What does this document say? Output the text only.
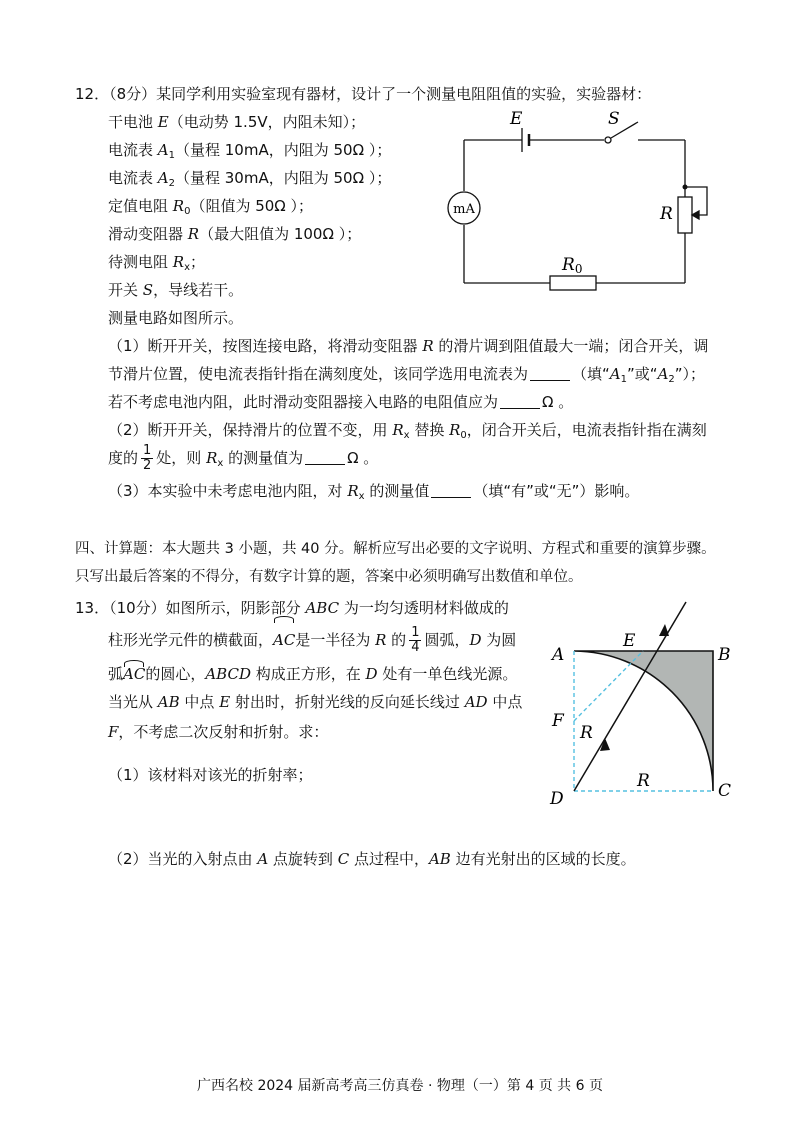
12．（8分）某同学利用实验室现有器材，设计了一个测量电阻阻值的实验，实验器材：
干电池 E（电动势 1.5V，内阻未知）；
电流表 $A_1$（量程 10mA，内阻为 50Ω ）；
电流表 $A_2$（量程 30mA，内阻为 50Ω ）；
定值电阻 $R_0$（阻值为 50Ω ）；
滑动变阻器 R（最大阻值为 100Ω ）；
待测电阻 $R_x$；
开关 S，导线若干。
测量电路如图所示。
E	S
mA	R
R0
（1）断开开关，按图连接电路，将滑动变阻器 R 的滑片调到阻值最大一端；闭合开关，调
节滑片位置，使电流表指针指在满刻度处，该同学选用电流表为	（填“$A_1$”或“$A_2$”）；
若不考虑电池内阻，此时滑动变阻器接入电路的电阻值应为	Ω 。
（2）断开开关，保持滑片的位置不变，用 $R_x$ 替换 $R_0$，闭合开关后，电流表指针指在满刻
度的 $\frac{1}{2}$ 处，则 $R_x$ 的测量值为	Ω 。
（3）本实验中未考虑电池内阻，对 $R_x$ 的测量值	（填“有”或“无”）影响。
四、计算题：本大题共 3 小题，共 40 分。解析应写出必要的文字说明、方程式和重要的演算步骤。
只写出最后答案的不得分，有数字计算的题，答案中必须明确写出数值和单位。
13．（10分）如图所示，阴影部分 ABC 为一均匀透明材料做成的
柱形光学元件的横截面，AC是一半径为 R 的 $\frac{1}{4}$ 圆弧，D 为圆
弧AC的圆心，ABCD 构成正方形，在 D 处有一单色线光源。
当光从 AB 中点 E 射出时，折射光线的反向延长线过 AD 中点
F，不考虑二次反射和折射。求：
（1）该材料对该光的折射率；
A	B
C
D
E
F
R
R
（2）当光的入射点由 A 点旋转到 C 点过程中，AB 边有光射出的区域的长度。
广西名校 2024 届新高考高三仿真卷 · 物理（一）第 4 页 共 6 页
